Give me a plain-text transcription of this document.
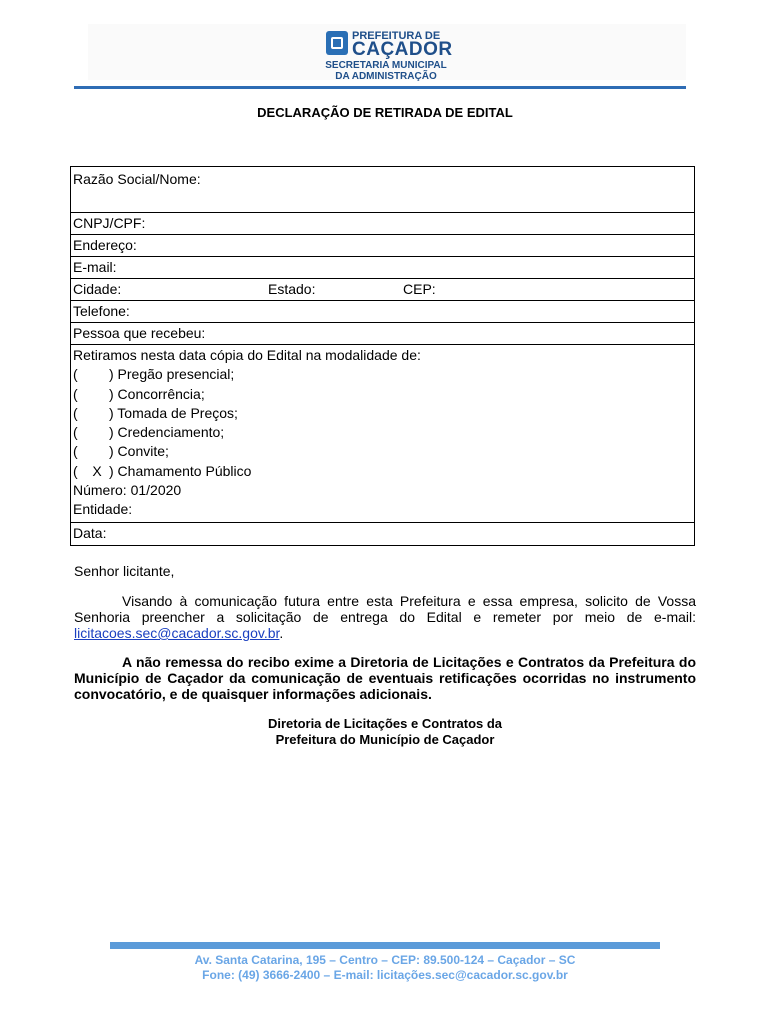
PREFEITURA DE
CAÇADOR
SECRETARIA MUNICIPAL
DA ADMINISTRAÇÃO
DECLARAÇÃO DE RETIRADA DE EDITAL
Razão Social/Nome:
CNPJ/CPF:
Endereço:
E-mail:
Cidade:	Estado:	CEP:
Telefone:
Pessoa que recebeu:
Retiramos nesta data cópia do Edital na modalidade de:
( ) Pregão presencial;
( ) Concorrência;
( ) Tomada de Preços;
( ) Credenciamento;
( ) Convite;
( X ) Chamamento Público
Número: 01/2020
Entidade:
Data:
Senhor licitante,
Visando à comunicação futura entre esta Prefeitura e essa empresa, solicito de Vossa Senhoria preencher a solicitação de entrega do Edital e remeter por meio de e-mail: licitacoes.sec@cacador.sc.gov.br.
A não remessa do recibo exime a Diretoria de Licitações e Contratos da Prefeitura do Município de Caçador da comunicação de eventuais retificações ocorridas no instrumento convocatório, e de quaisquer informações adicionais.
Diretoria de Licitações e Contratos da
Prefeitura do Município de Caçador
Av. Santa Catarina, 195 – Centro – CEP: 89.500-124 – Caçador – SC
Fone: (49) 3666-2400 – E-mail: licitações.sec@cacador.sc.gov.br
